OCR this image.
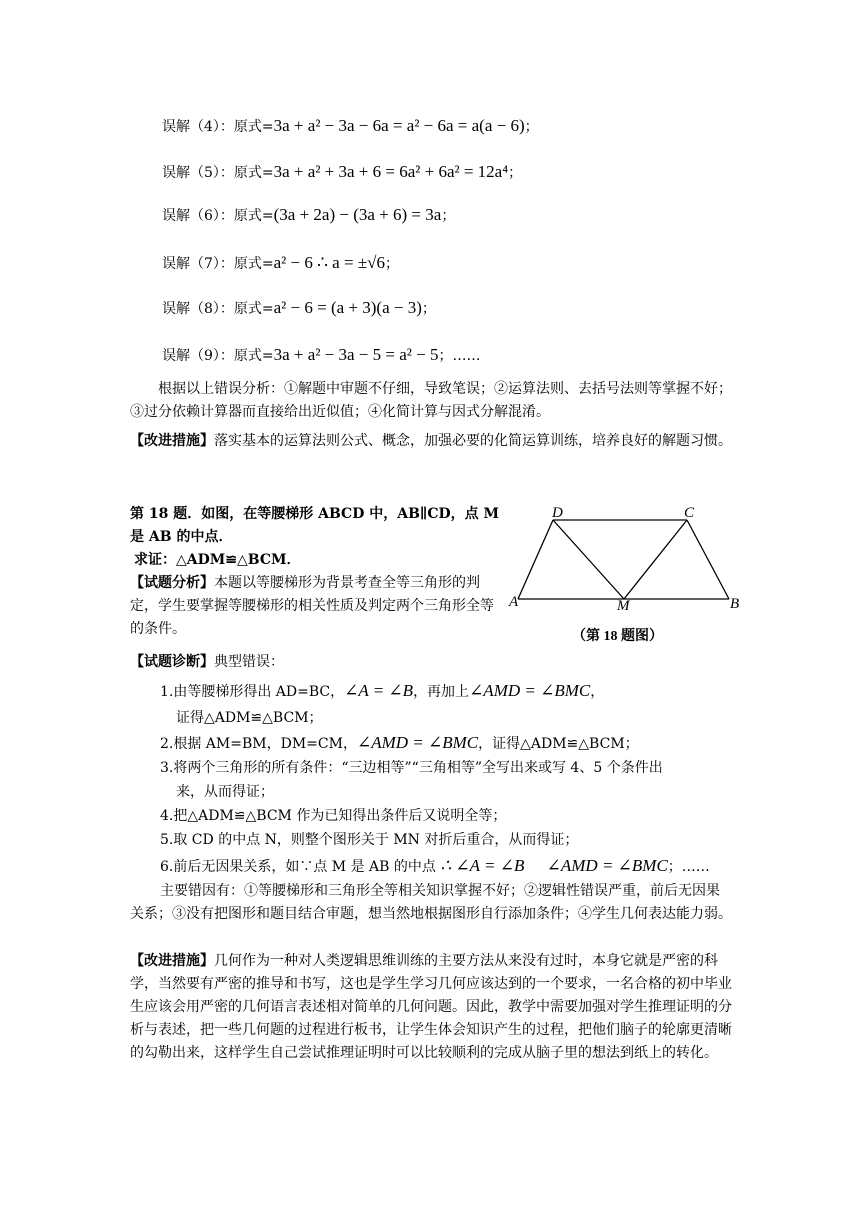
误解（4）：原式=3a + a² − 3a − 6a = a² − 6a = a(a − 6)；
误解（5）：原式=3a + a² + 3a + 6 = 6a² + 6a² = 12a⁴；
误解（6）：原式=(3a + 2a) − (3a + 6) = 3a；
误解（7）：原式=a² − 6 ∴ a = ±√6；
误解（8）：原式=a² − 6 = (a + 3)(a − 3)；
误解（9）：原式=3a + a² − 3a − 5 = a² − 5；……
根据以上错误分析：①解题中审题不仔细，导致笔误；②运算法则、去括号法则等掌握不好；③过分依赖计算器而直接给出近似值；④化简计算与因式分解混淆。
【改进措施】落实基本的运算法则公式、概念，加强必要的化简运算训练，培养良好的解题习惯。
第 18 题．如图，在等腰梯形 ABCD 中，AB∥CD，点 M 是 AB 的中点．
求证：△ADM≌△BCM．
【试题分析】本题以等腰梯形为背景考查全等三角形的判定，学生要掌握等腰梯形的相关性质及判定两个三角形全等的条件。
D	C
A	M	B
（第 18 题图）
【试题诊断】典型错误：
1.由等腰梯形得出 AD=BC，∠A = ∠B，再加上∠AMD = ∠BMC，
证得△ADM≌△BCM；
2.根据 AM=BM，DM=CM，∠AMD = ∠BMC，证得△ADM≌△BCM；
3.将两个三角形的所有条件：“三边相等”“三角相等”全写出来或写 4、5 个条件出
来，从而得证；
4.把△ADM≌△BCM 作为已知得出条件后又说明全等；
5.取 CD 的中点 N，则整个图形关于 MN 对折后重合，从而得证；
6.前后无因果关系，如∵点 M 是 AB 的中点 ∴ ∠A = ∠B ∠AMD = ∠BMC；……
主要错因有：①等腰梯形和三角形全等相关知识掌握不好；②逻辑性错误严重，前后无因果关系；③没有把图形和题目结合审题，想当然地根据图形自行添加条件；④学生几何表达能力弱。
【改进措施】几何作为一种对人类逻辑思维训练的主要方法从来没有过时，本身它就是严密的科学，当然要有严密的推导和书写，这也是学生学习几何应该达到的一个要求，一名合格的初中毕业生应该会用严密的几何语言表述相对简单的几何问题。因此，教学中需要加强对学生推理证明的分析与表述，把一些几何题的过程进行板书，让学生体会知识产生的过程，把他们脑子的轮廓更清晰的勾勒出来，这样学生自己尝试推理证明时可以比较顺利的完成从脑子里的想法到纸上的转化。
